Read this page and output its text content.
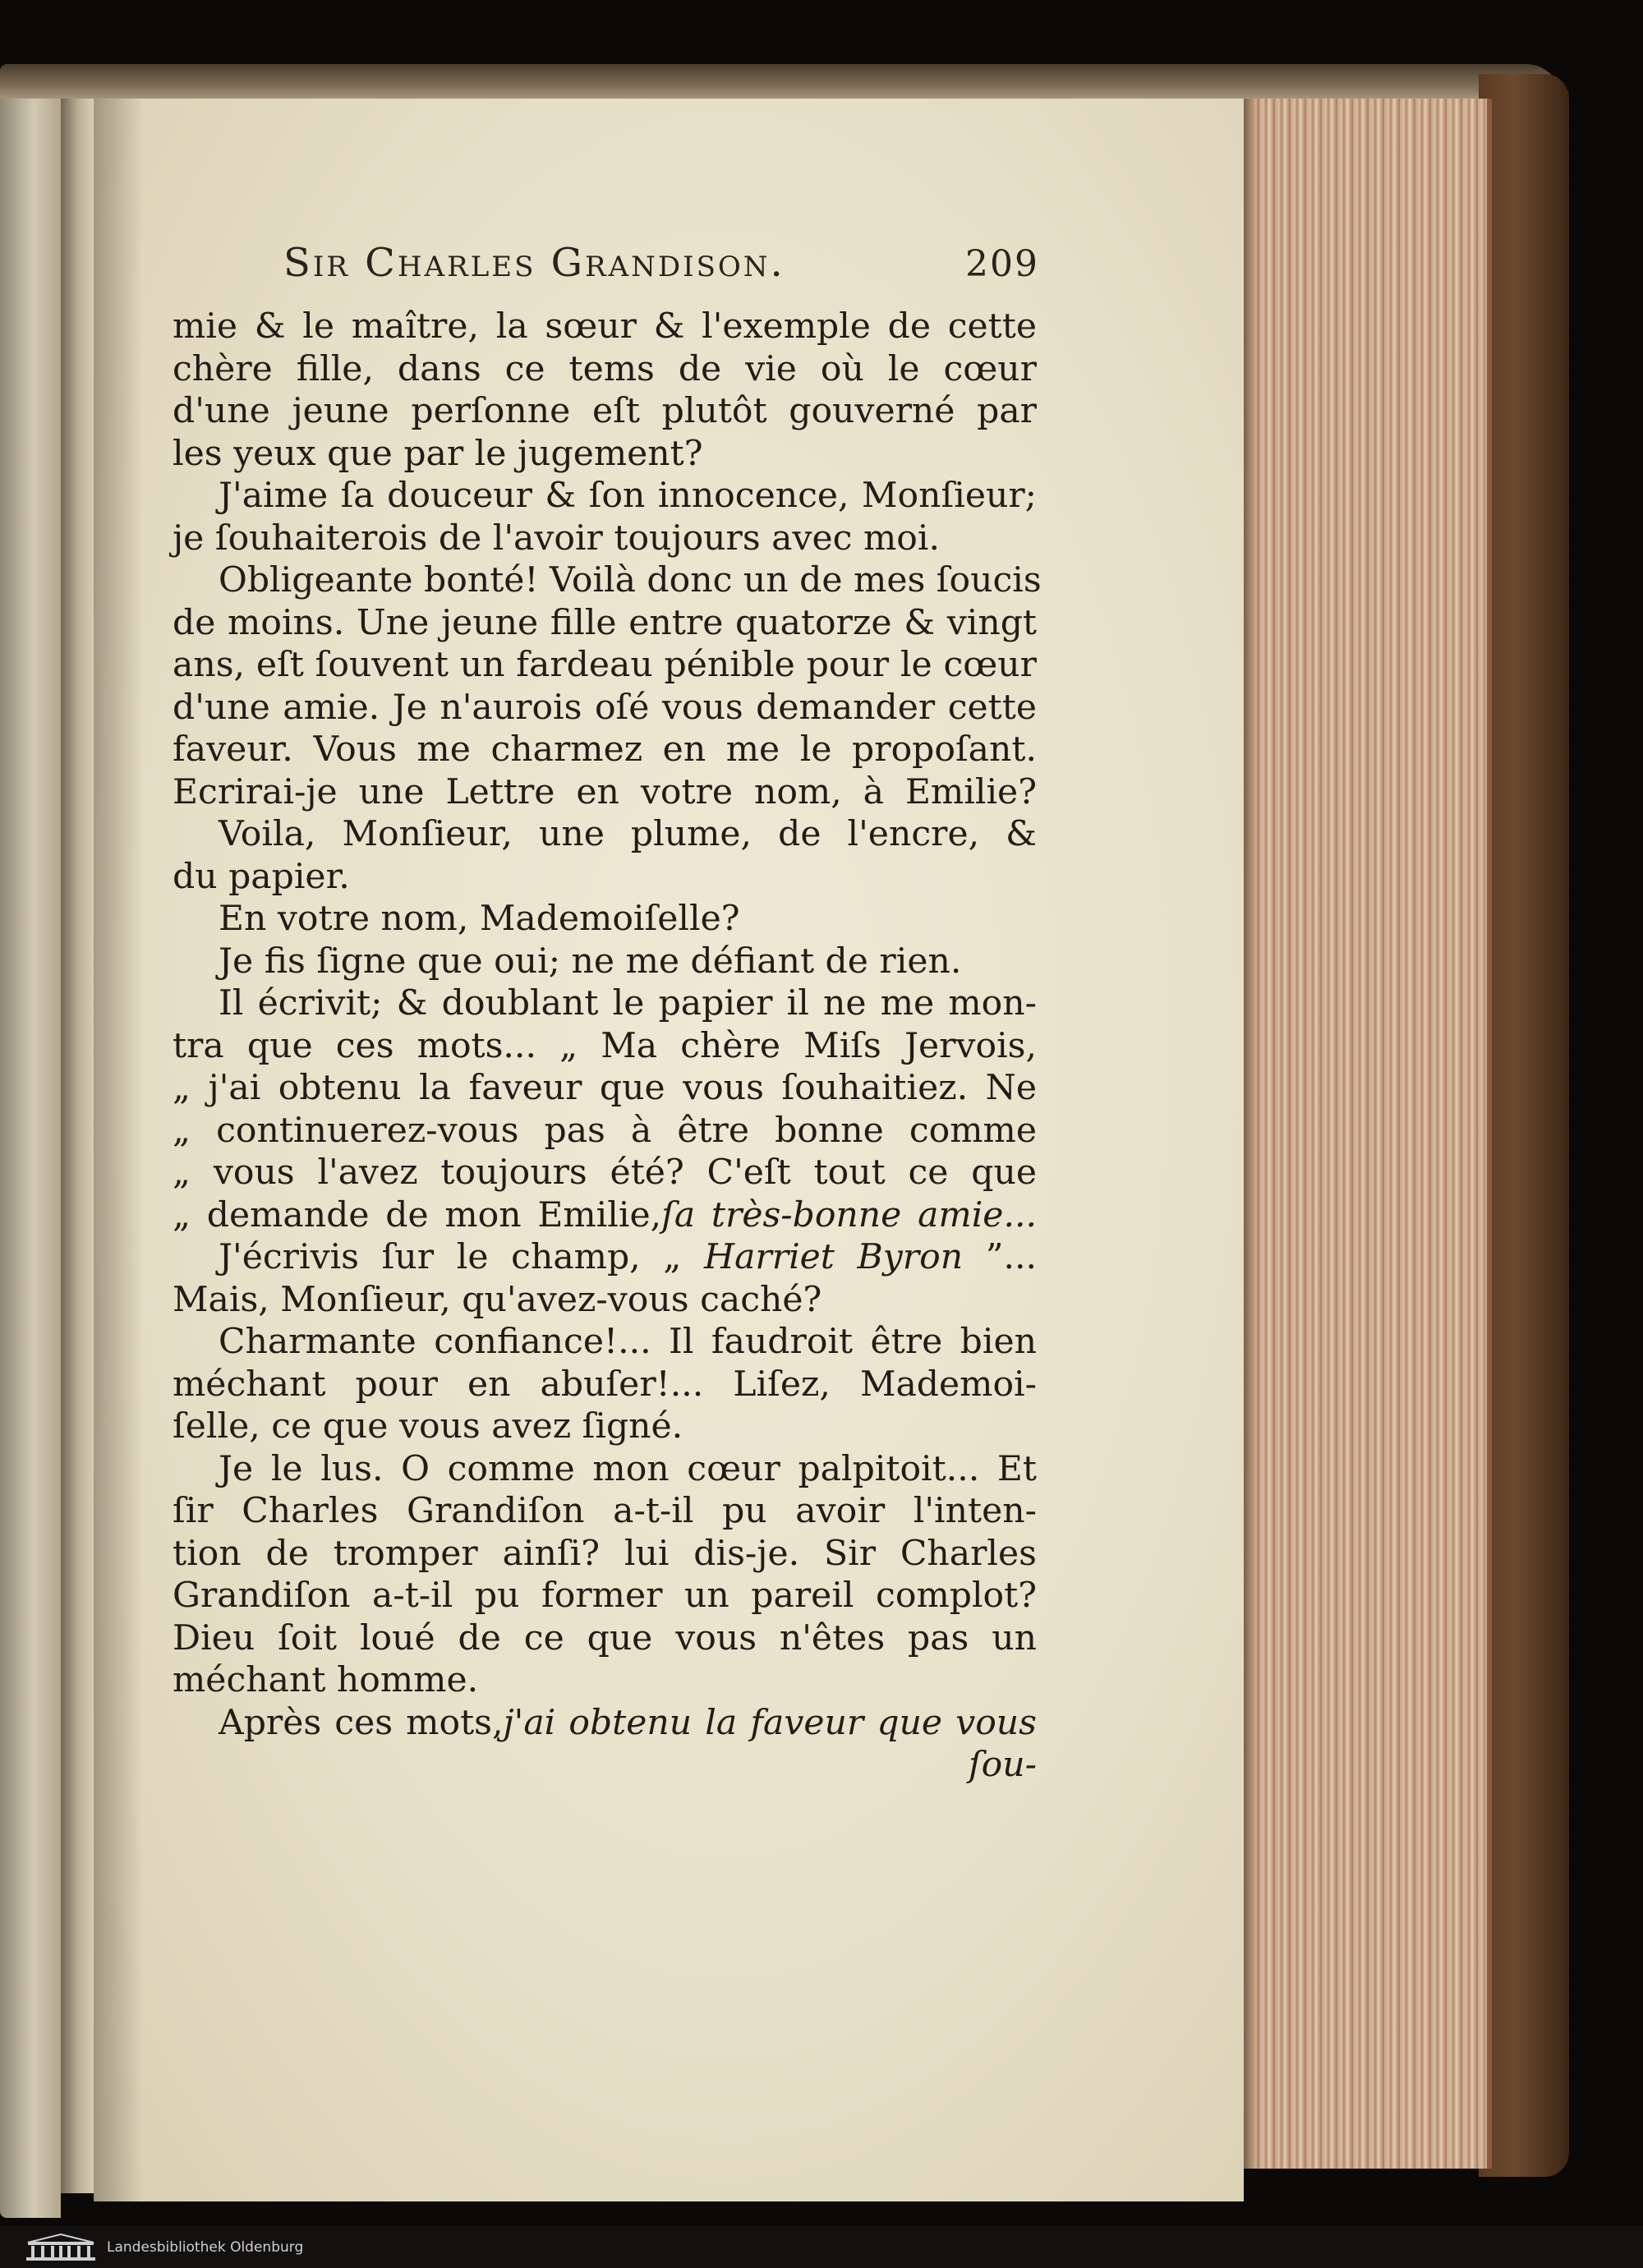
Sir Charles Grandison.	209
mie & le maître, la sœur & l'exemple de cette
chère fille, dans ce tems de vie où le cœur
d'une jeune perſonne eſt plutôt gouverné par
les yeux que par le jugement?
J'aime ſa douceur & ſon innocence, Monſieur;
je ſouhaiterois de l'avoir toujours avec moi.
Obligeante bonté! Voilà donc un de mes ſoucis
de moins. Une jeune fille entre quatorze & vingt
ans, eſt ſouvent un fardeau pénible pour le cœur
d'une amie. Je n'aurois oſé vous demander cette
faveur. Vous me charmez en me le propoſant.
Ecrirai-je une Lettre en votre nom, à Emilie?
Voila, Monſieur, une plume, de l'encre, &
du papier.
En votre nom, Mademoiſelle?
Je fis ſigne que oui; ne me défiant de rien.
Il écrivit; & doublant le papier il ne me mon-
tra que ces mots... „ Ma chère Miſs Jervois,
„ j'ai obtenu la faveur que vous ſouhaitiez. Ne
„ continuerez-vous pas à être bonne comme
„ vous l'avez toujours été? C'eſt tout ce que
„ demande de mon Emilie,ſa très-bonne amie...
J'écrivis ſur le champ, „ Harriet Byron ”...
Mais, Monſieur, qu'avez-vous caché?
Charmante confiance!... Il faudroit être bien
méchant pour en abuſer!... Liſez, Mademoi-
ſelle, ce que vous avez ſigné.
Je le lus. O comme mon cœur palpitoit... Et
ſir Charles Grandiſon a-t-il pu avoir l'inten-
tion de tromper ainſi? lui dis-je. Sir Charles
Grandiſon a-t-il pu former un pareil complot?
Dieu ſoit loué de ce que vous n'êtes pas un
méchant homme.
Après ces mots,j'ai obtenu la faveur que vous
ſou-
Landesbibliothek Oldenburg
